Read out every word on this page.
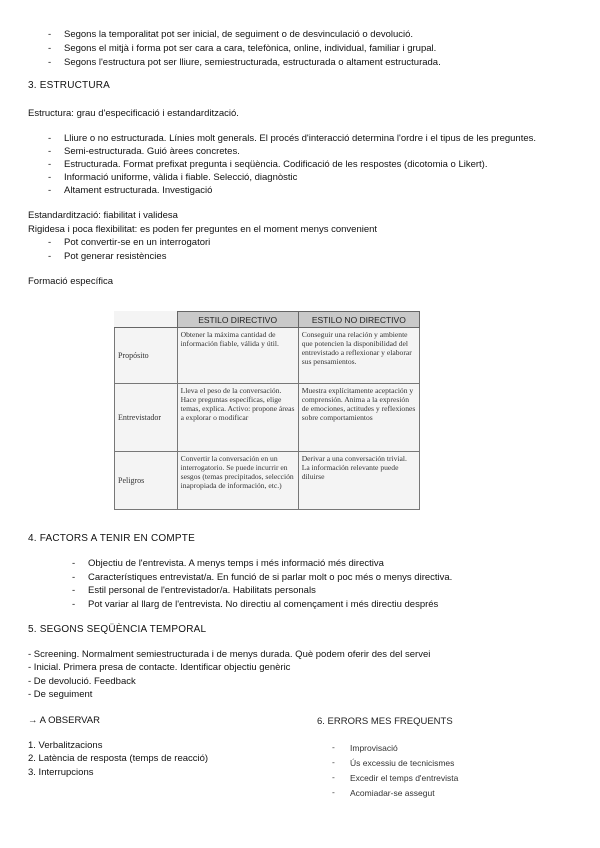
-	Segons la temporalitat pot ser inicial, de seguiment o de desvinculació o devolució.
-	Segons el mitjà i forma pot ser cara a cara, telefònica, online, individual, familiar i grupal.
-	Segons l'estructura pot ser lliure, semiestructurada, estructurada o altament estructurada.
3. ESTRUCTURA
Estructura: grau d'especificació i estandardització.
-	Lliure o no estructurada. Línies molt generals. El procés d'interacció determina l'ordre i el tipus de les preguntes.
-	Semi-estructurada. Guió àrees concretes.
-	Estructurada. Format prefixat pregunta i seqüència. Codificació de les respostes (dicotomia o Likert).
-	Informació uniforme, vàlida i fiable. Selecció, diagnòstic
-	Altament estructurada. Investigació
Estandardització: fiabilitat i validesa
Rigidesa i poca flexibilitat: es poden fer preguntes en el moment menys convenient
-	Pot convertir-se en un interrogatori
-	Pot generar resistències
Formació específica
	ESTILO DIRECTIVO	ESTILO NO DIRECTIVO
Propósito	Obtener la máxima cantidad de información fiable, válida y útil.	Conseguir una relación y ambiente que potencien la disponibilidad del entrevistado a reflexionar y elaborar sus pensamientos.
Entrevistador	Lleva el peso de la conversación. Hace preguntas específicas, elige temas, explica. Activo: propone áreas a explorar o modificar	Muestra explícitamente aceptación y comprensión. Anima a la expresión de emociones, actitudes y reflexiones sobre comportamientos
Peligros	Convertir la conversación en un interrogatorio. Se puede incurrir en sesgos (temas precipitados, selección inapropiada de información, etc.)	Derivar a una conversación trivial. La información relevante puede diluirse
4. FACTORS A TENIR EN COMPTE
-	Objectiu de l'entrevista. A menys temps i més informació més directiva
-	Característiques entrevistat/a. En funció de si parlar molt o poc més o menys directiva.
-	Estil personal de l'entrevistador/a. Habilitats personals
-	Pot variar al llarg de l'entrevista. No directiu al començament i més directiu després
5. SEGONS SEQÜÈNCIA TEMPORAL
- Screening. Normalment semiestructurada i de menys durada. Què podem oferir des del servei
- Inicial. Primera presa de contacte. Identificar objectiu genèric
- De devolució. Feedback
- De seguiment
→ A OBSERVAR
1. Verbalitzacions
2. Latència de resposta (temps de reacció)
3. Interrupcions
6. ERRORS MES FREQUENTS
-	Improvisació
-	Ús excessiu de tecnicismes
-	Excedir el temps d'entrevista
-	Acomiadar-se assegut
